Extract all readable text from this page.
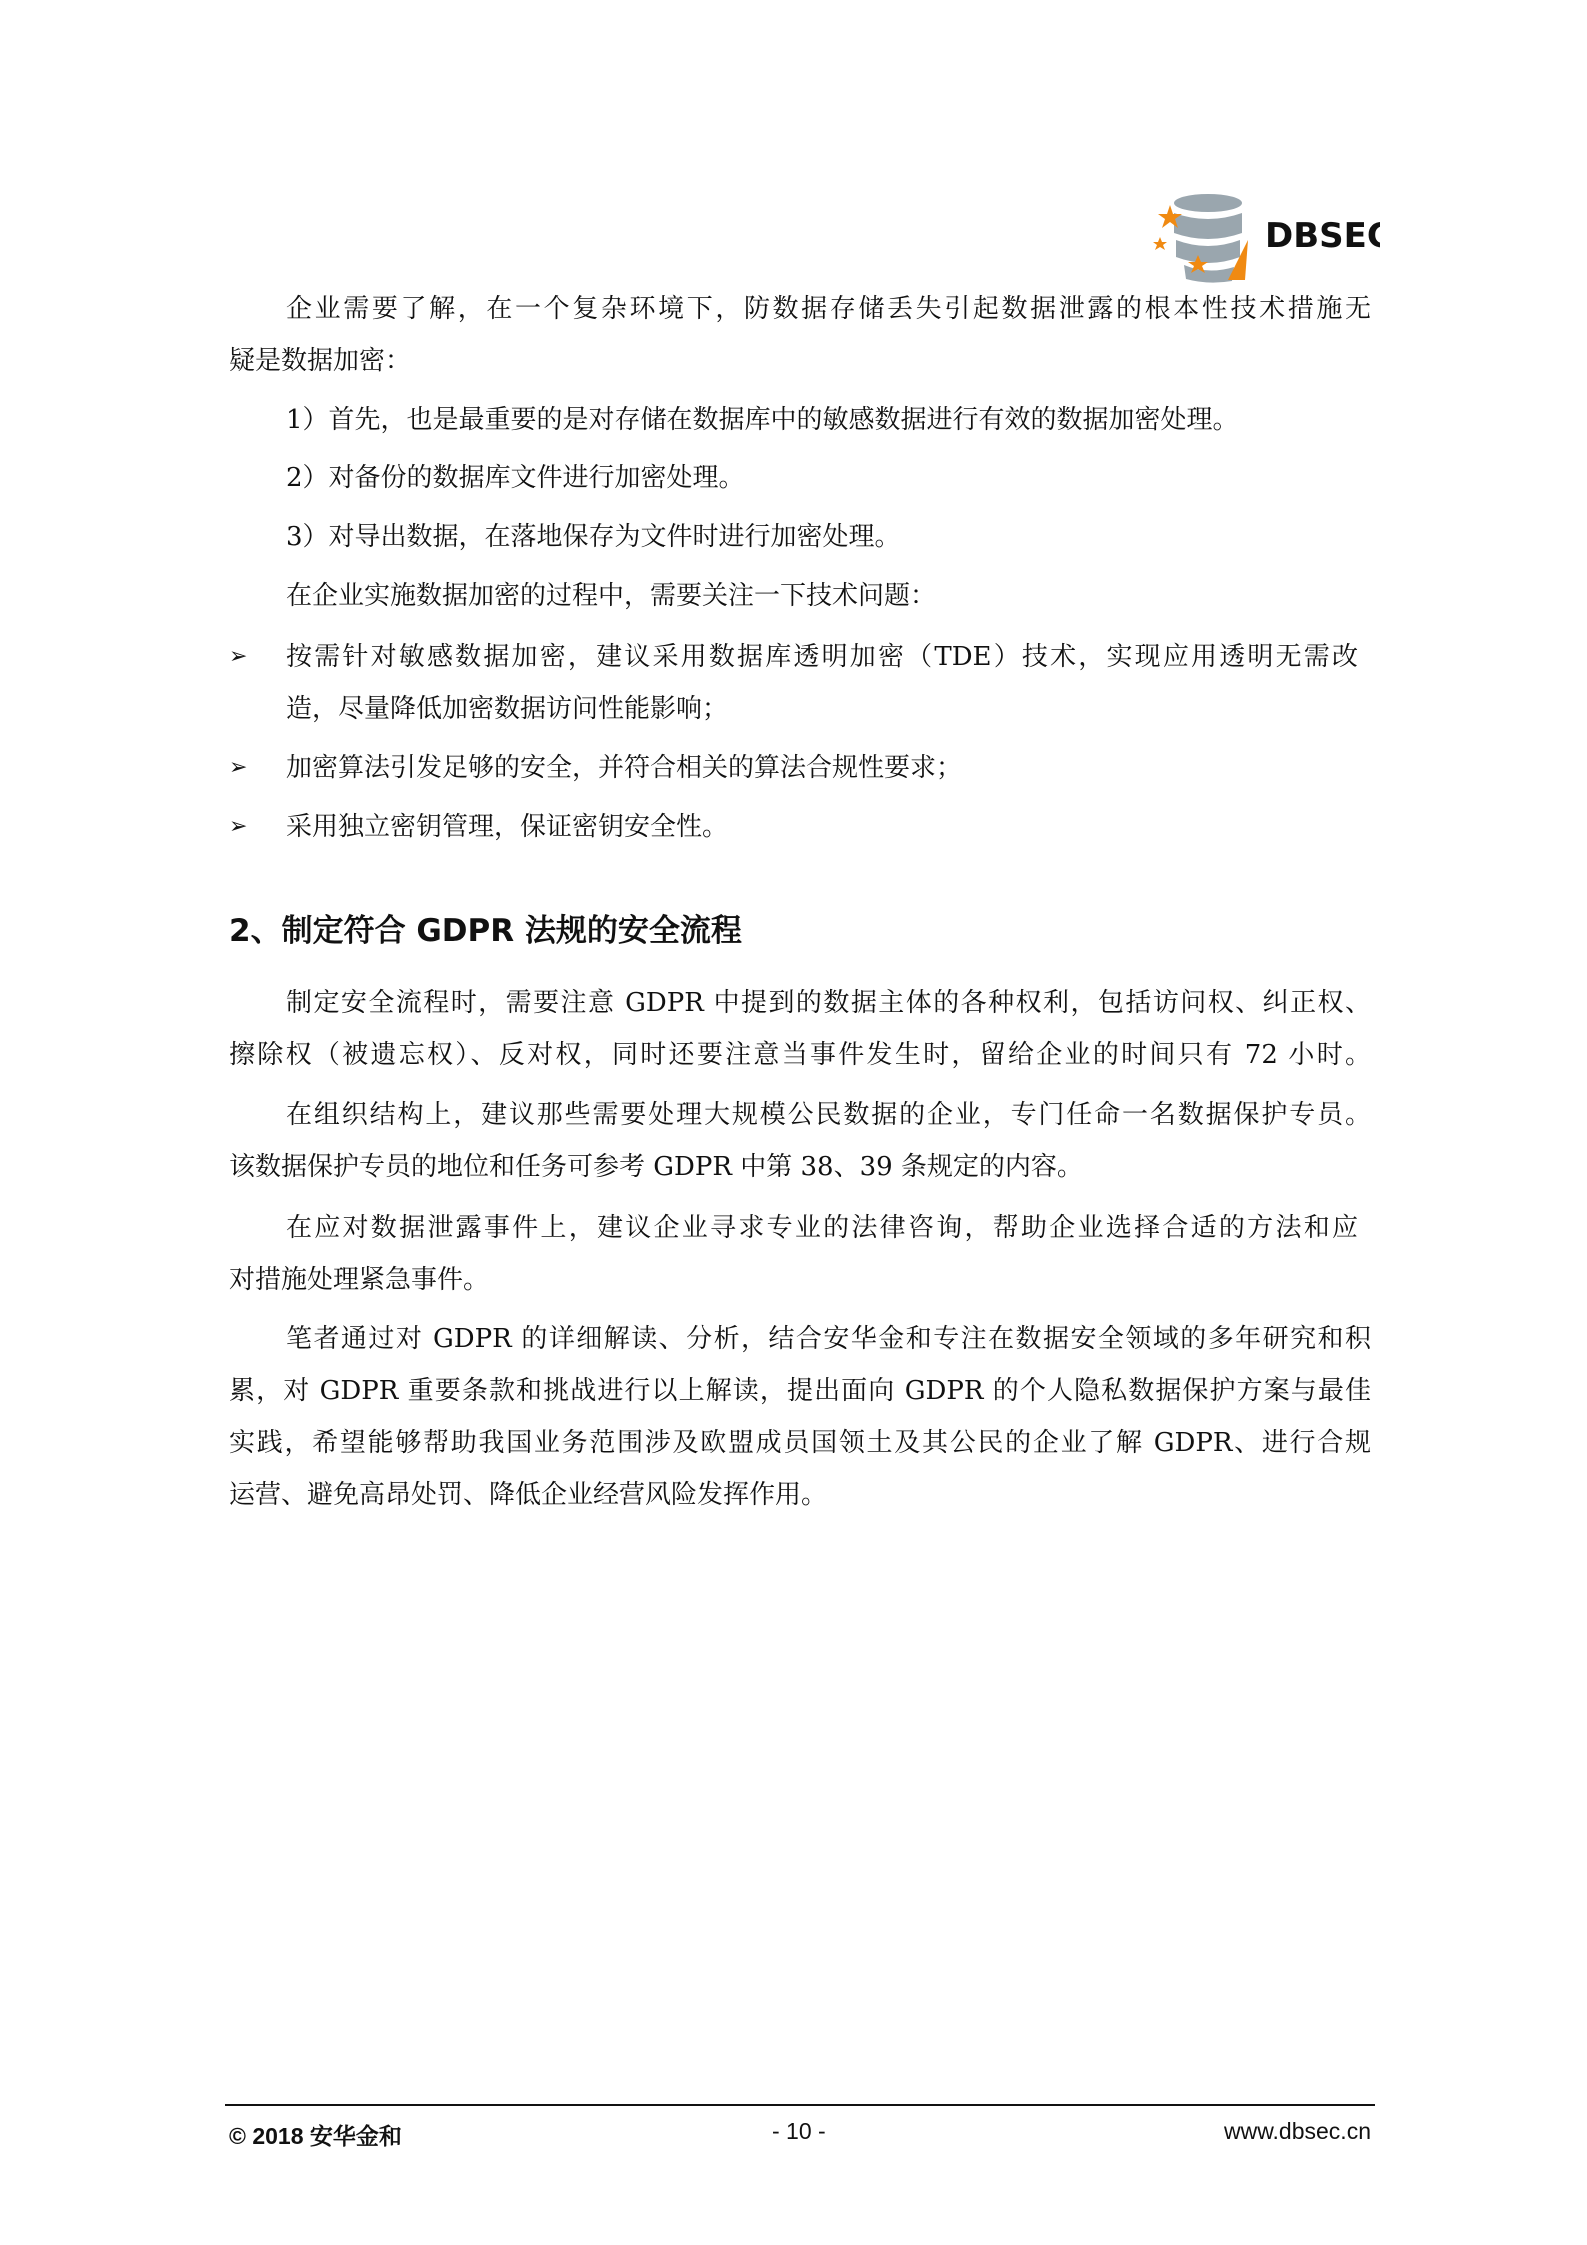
DBSEC
企业需要了解，在一个复杂环境下，防数据存储丢失引起数据泄露的根本性技术措施无
疑是数据加密：
1）首先，也是最重要的是对存储在数据库中的敏感数据进行有效的数据加密处理。
2）对备份的数据库文件进行加密处理。
3）对导出数据，在落地保存为文件时进行加密处理。
在企业实施数据加密的过程中，需要关注一下技术问题：
➢ 按需针对敏感数据加密，建议采用数据库透明加密（TDE）技术，实现应用透明无需改
造，尽量降低加密数据访问性能影响；
➢ 加密算法引发足够的安全，并符合相关的算法合规性要求；
➢ 采用独立密钥管理，保证密钥安全性。
2、制定符合 GDPR 法规的安全流程
制定安全流程时，需要注意 GDPR 中提到的数据主体的各种权利，包括访问权、纠正权、
擦除权（被遗忘权）、反对权，同时还要注意当事件发生时，留给企业的时间只有 72 小时。
在组织结构上，建议那些需要处理大规模公民数据的企业，专门任命一名数据保护专员。
该数据保护专员的地位和任务可参考 GDPR 中第 38、39 条规定的内容。
在应对数据泄露事件上，建议企业寻求专业的法律咨询，帮助企业选择合适的方法和应
对措施处理紧急事件。
笔者通过对 GDPR 的详细解读、分析，结合安华金和专注在数据安全领域的多年研究和积
累，对 GDPR 重要条款和挑战进行以上解读，提出面向 GDPR 的个人隐私数据保护方案与最佳
实践，希望能够帮助我国业务范围涉及欧盟成员国领土及其公民的企业了解 GDPR、进行合规
运营、避免高昂处罚、降低企业经营风险发挥作用。
© 2018 安华金和	- 10 -	www.dbsec.cn
